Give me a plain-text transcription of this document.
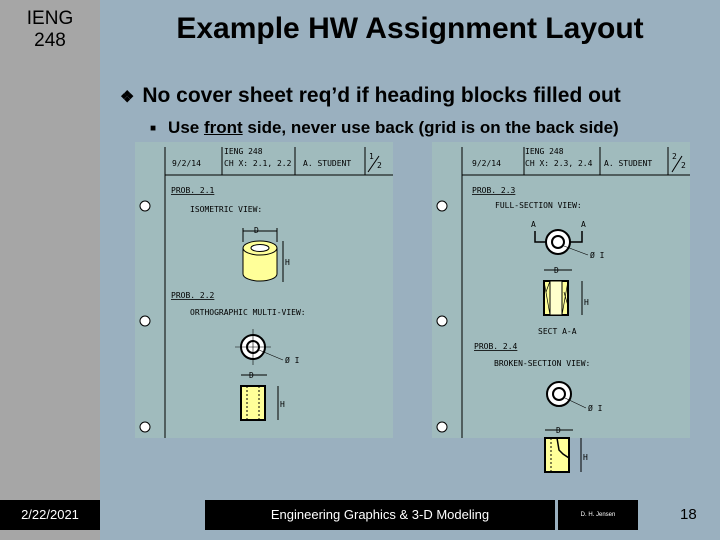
IENG
248	Example HW Assignment Layout
❖ No cover sheet req’d if heading blocks filled out
■ Use front side, never use back (grid is on the back side)
9/2/14
IENG 248
CH X: 2.1, 2.2 A. STUDENT
1
2
PROB. 2.1
ISOMETRIC VIEW:
PROB. 2.2
ORTHOGRAPHIC MULTI-VIEW:
D
H
Ø I
D
H
9/2/14
IENG 248
CH X: 2.3, 2.4 A. STUDENT
2
2
PROB. 2.3
FULL-SECTION VIEW:
PROB. 2.4
BROKEN-SECTION VIEW:
A	A
Ø I
D
H
SECT A-A
Ø I
D
H
2/22/2021	Engineering Graphics & 3-D Modeling	D. H. Jensen	18
